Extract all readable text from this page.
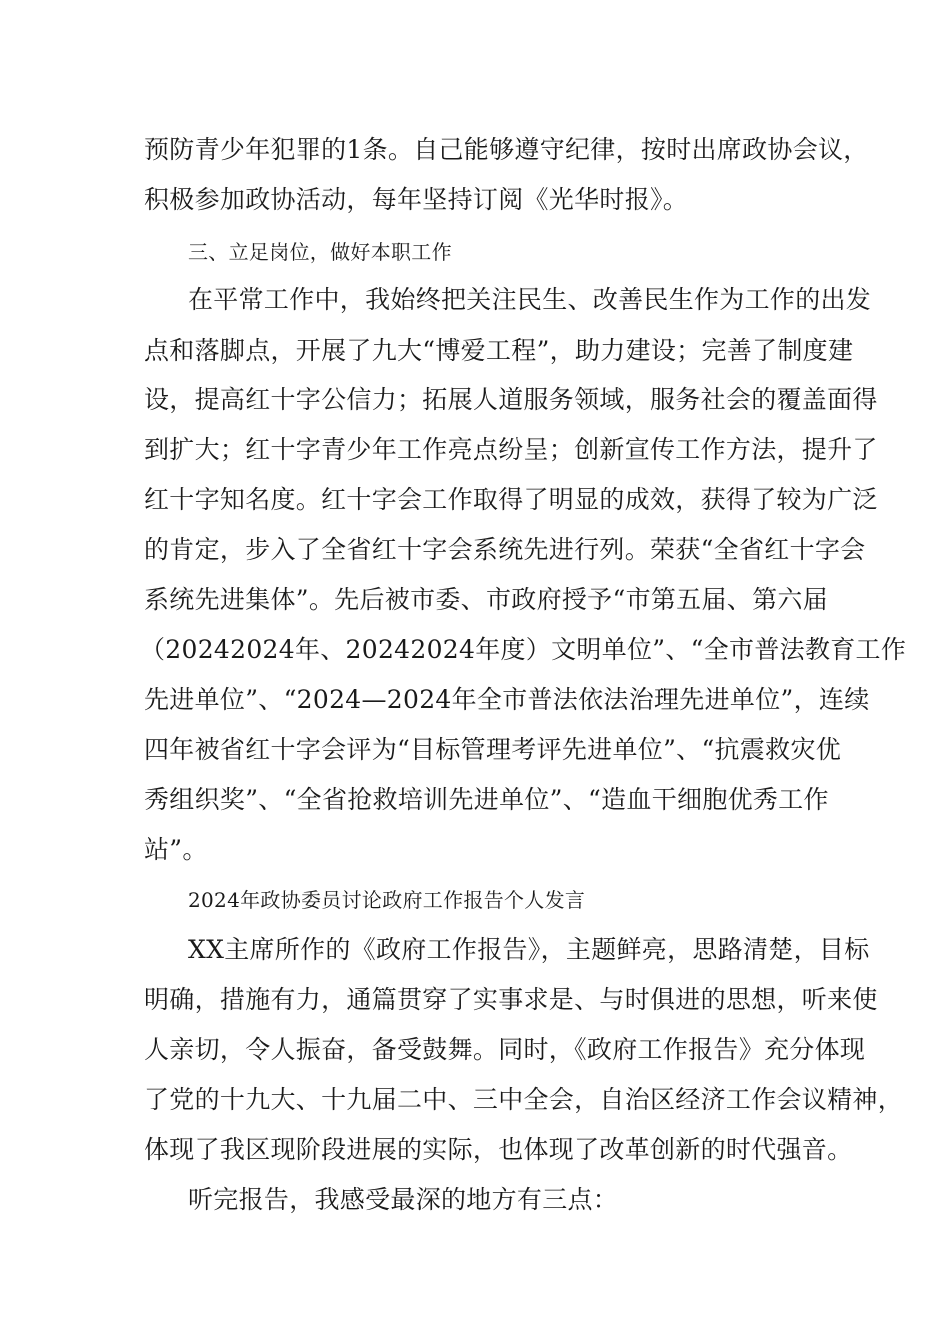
预防青少年犯罪的1条。自己能够遵守纪律，按时出席政协会议，
积极参加政协活动，每年坚持订阅《光华时报》。
三、立足岗位，做好本职工作
在平常工作中，我始终把关注民生、改善民生作为工作的出发
点和落脚点，开展了九大“博爱工程”，助力建设；完善了制度建
设，提高红十字公信力；拓展人道服务领域，服务社会的覆盖面得
到扩大；红十字青少年工作亮点纷呈；创新宣传工作方法，提升了
红十字知名度。红十字会工作取得了明显的成效，获得了较为广泛
的肯定，步入了全省红十字会系统先进行列。荣获“全省红十字会
系统先进集体”。先后被市委、市政府授予“市第五届、第六届
（20242024年、20242024年度）文明单位”、“全市普法教育工作
先进单位”、“2024—2024年全市普法依法治理先进单位”，连续
四年被省红十字会评为“目标管理考评先进单位”、“抗震救灾优
秀组织奖”、“全省抢救培训先进单位”、“造血干细胞优秀工作
站”。
2024年政协委员讨论政府工作报告个人发言
XX主席所作的《政府工作报告》，主题鲜亮，思路清楚，目标
明确，措施有力，通篇贯穿了实事求是、与时俱进的思想，听来使
人亲切，令人振奋，备受鼓舞。同时，《政府工作报告》充分体现
了党的十九大、十九届二中、三中全会，自治区经济工作会议精神，
体现了我区现阶段进展的实际，也体现了改革创新的时代强音。
听完报告，我感受最深的地方有三点：
